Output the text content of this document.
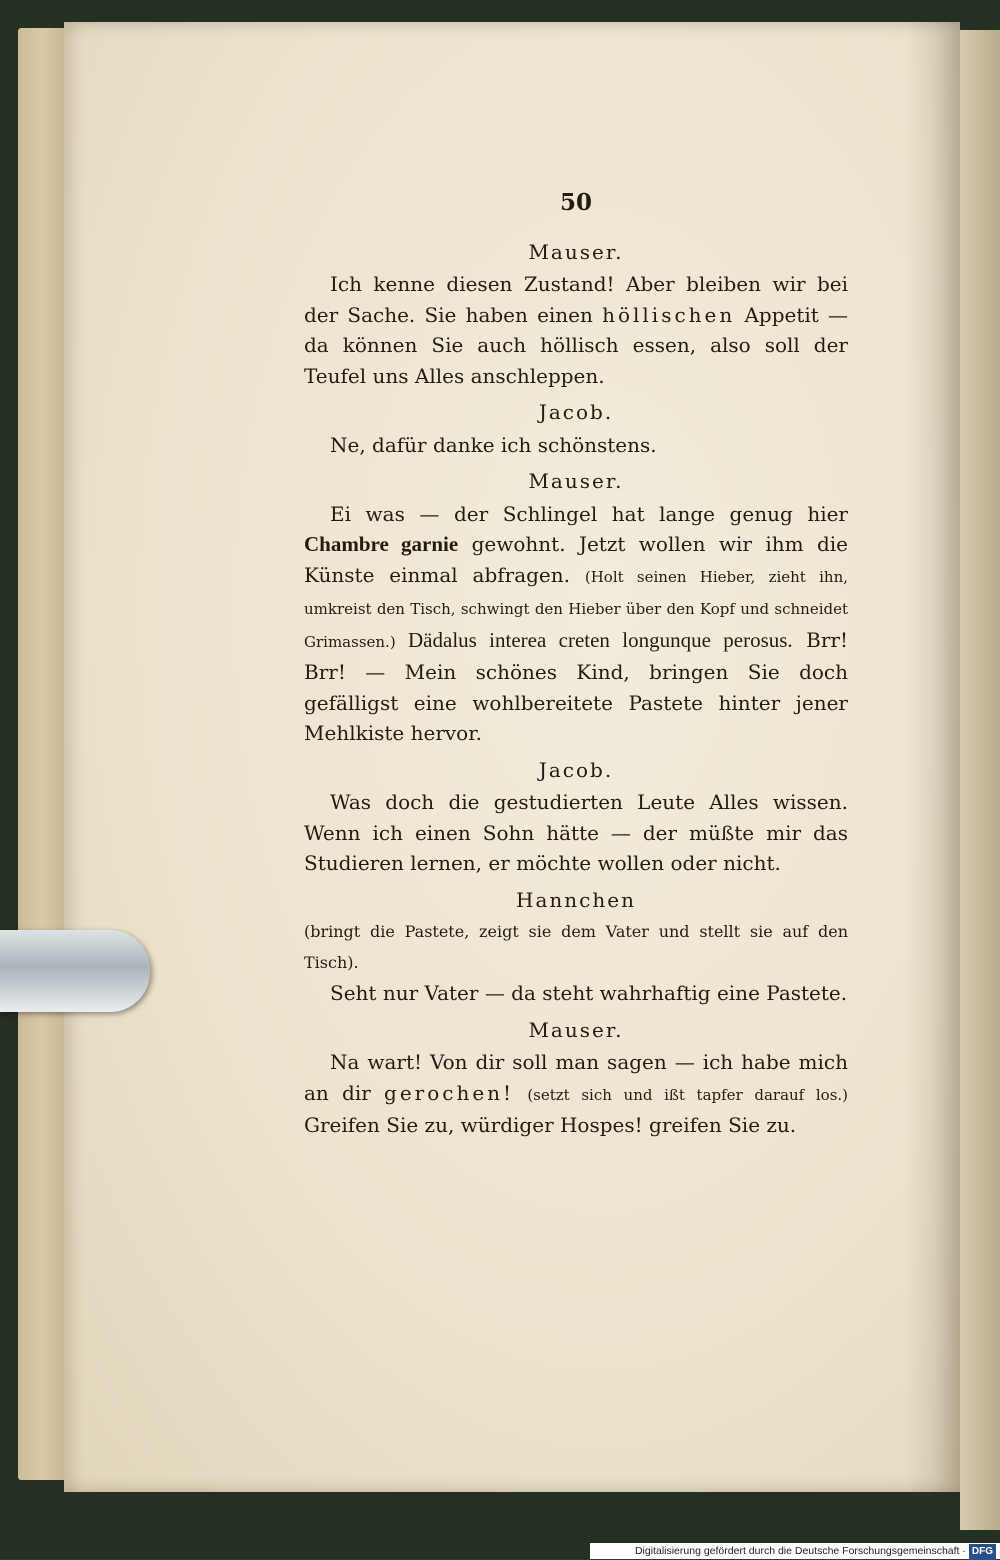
50
Mauser.

Ich kenne diesen Zustand! Aber bleiben wir bei der Sache. Sie haben einen höllischen Appetit — da können Sie auch höllisch essen, also soll der Teufel uns Alles anschleppen.

Jacob.

Ne, dafür danke ich schönstens.

Mauser.

Ei was — der Schlingel hat lange genug hier Chambre garnie gewohnt. Jetzt wollen wir ihm die Künste einmal abfragen. (Holt seinen Hieber, zieht ihn, umkreist den Tisch, schwingt den Hieber über den Kopf und schneidet Grimassen.) Dädalus interea creten longunque perosus. Brr! Brr! — Mein schönes Kind, bringen Sie doch gefälligst eine wohlbereitete Pastete hinter jener Mehlkiste hervor.

Jacob.

Was doch die gestudierten Leute Alles wissen. Wenn ich einen Sohn hätte — der müßte mir das Studieren lernen, er möchte wollen oder nicht.

Hannchen

(bringt die Pastete, zeigt sie dem Vater und stellt sie auf den Tisch).

Seht nur Vater — da steht wahrhaftig eine Pastete.

Mauser.

Na wart! Von dir soll man sagen — ich habe mich an dir gerochen! (setzt sich und ißt tapfer darauf los.) Greifen Sie zu, würdiger Hospes! greifen Sie zu.

Digitalisierung gefördert durch die Deutsche Forschungsgemeinschaft · DFG
